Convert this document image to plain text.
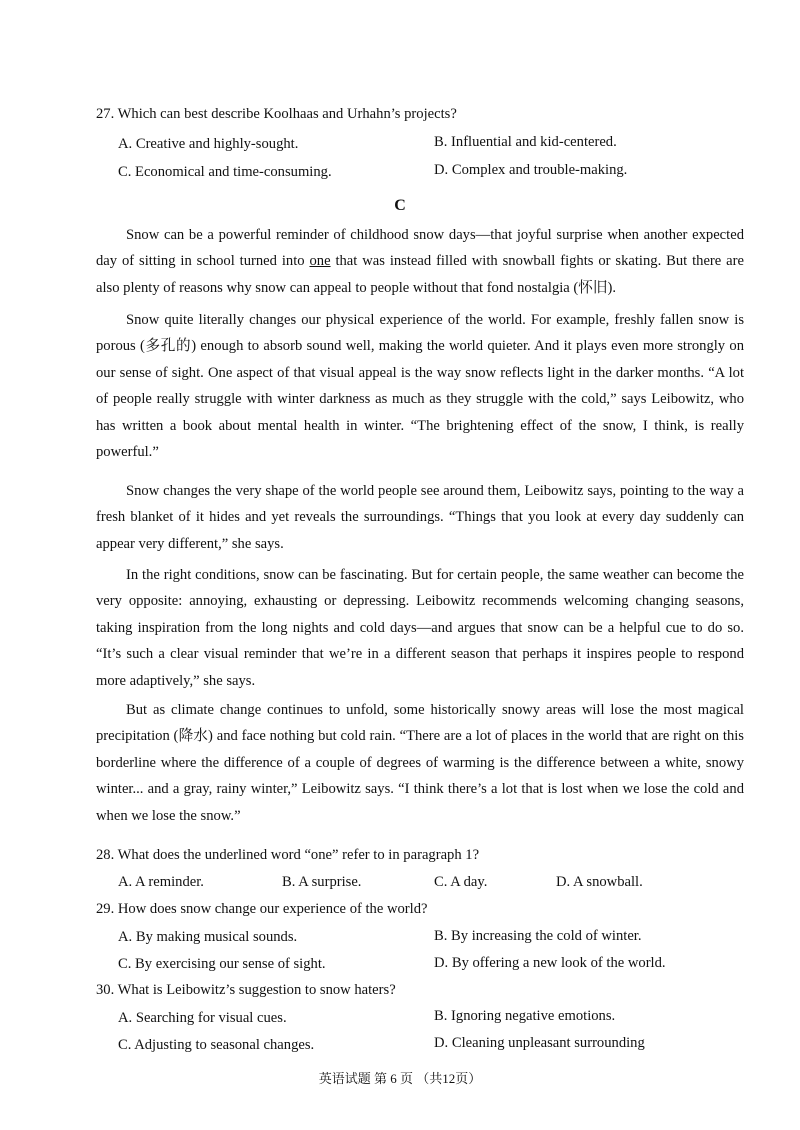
27. Which can best describe Koolhaas and Urhahn’s projects?
A. Creative and highly-sought.	B. Influential and kid-centered.
C. Economical and time-consuming.	D. Complex and trouble-making.
C
Snow can be a powerful reminder of childhood snow days—that joyful surprise when another expected day of sitting in school turned into one that was instead filled with snowball fights or skating. But there are also plenty of reasons why snow can appeal to people without that fond nostalgia (怀旧).
Snow quite literally changes our physical experience of the world. For example, freshly fallen snow is porous (多孔的) enough to absorb sound well, making the world quieter. And it plays even more strongly on our sense of sight. One aspect of that visual appeal is the way snow reflects light in the darker months. “A lot of people really struggle with winter darkness as much as they struggle with the cold,” says Leibowitz, who has written a book about mental health in winter. “The brightening effect of the snow, I think, is really powerful.”
Snow changes the very shape of the world people see around them, Leibowitz says, pointing to the way a fresh blanket of it hides and yet reveals the surroundings. “Things that you look at every day suddenly can appear very different,” she says.
In the right conditions, snow can be fascinating. But for certain people, the same weather can become the very opposite: annoying, exhausting or depressing. Leibowitz recommends welcoming changing seasons, taking inspiration from the long nights and cold days—and argues that snow can be a helpful cue to do so. “It’s such a clear visual reminder that we’re in a different season that perhaps it inspires people to respond more adaptively,” she says.
But as climate change continues to unfold, some historically snowy areas will lose the most magical precipitation (降水) and face nothing but cold rain. “There are a lot of places in the world that are right on this borderline where the difference of a couple of degrees of warming is the difference between a white, snowy winter... and a gray, rainy winter,” Leibowitz says. “I think there’s a lot that is lost when we lose the cold and when we lose the snow.”
28. What does the underlined word “one” refer to in paragraph 1?
A. A reminder.	B. A surprise.	C. A day.	D. A snowball.
29. How does snow change our experience of the world?
A. By making musical sounds.	B. By increasing the cold of winter.
C. By exercising our sense of sight.	D. By offering a new look of the world.
30. What is Leibowitz’s suggestion to snow haters?
A. Searching for visual cues.	B. Ignoring negative emotions.
C. Adjusting to seasonal changes.	D. Cleaning unpleasant surrounding
英语试题 第 6 页 （共12页）
